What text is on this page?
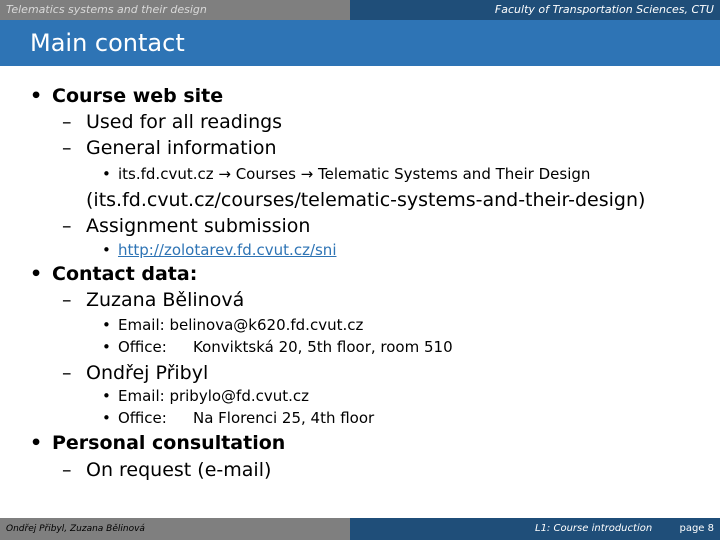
Telematics systems and their design	Faculty of Transportation Sciences, CTU
Main contact
• Course web site
– Used for all readings
– General information
• its.fd.cvut.cz → Courses → Telematic Systems and Their Design
(its.fd.cvut.cz/courses/telematic-systems-and-their-design)
– Assignment submission
• http://zolotarev.fd.cvut.cz/sni
• Contact data:
– Zuzana Bělinová
• Email: belinova@k620.fd.cvut.cz
• Office: Konviktská 20, 5th floor, room 510
– Ondřej Přibyl
• Email: pribylo@fd.cvut.cz
• Office: Na Florenci 25, 4th floor
• Personal consultation
– On request (e-mail)
Ondřej Přibyl, Zuzana Bělinová	L1: Course introduction	page 8
